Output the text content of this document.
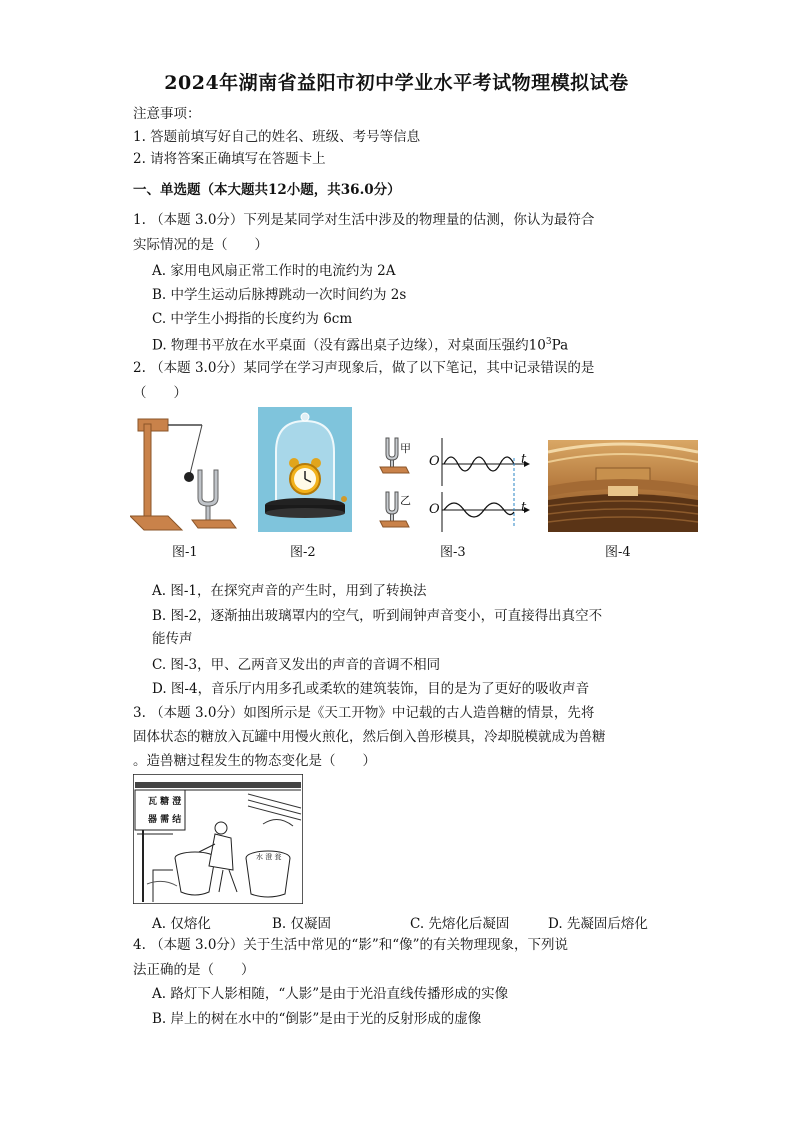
2024年湖南省益阳市初中学业水平考试物理模拟试卷
注意事项：
1. 答题前填写好自己的姓名、班级、考号等信息
2. 请将答案正确填写在答题卡上
一、单选题（本大题共12小题，共36.0分）
1. （本题 3.0分）下列是某同学对生活中涉及的物理量的估测，你认为最符合
实际情况的是（　　）
A. 家用电风扇正常工作时的电流约为 2A
B. 中学生运动后脉搏跳动一次时间约为 2s
C. 中学生小拇指的长度约为 6cm
D. 物理书平放在水平桌面（没有露出桌子边缘），对桌面压强约$10^3Pa$
2. （本题 3.0分）某同学在学习声现象后，做了以下笔记，其中记录错误的是
（　　）
甲
乙
O
O
t
t
图-1	图-2	图-3	图-4
A. 图-1，在探究声音的产生时，用到了转换法
B. 图-2，逐渐抽出玻璃罩内的空气，听到闹钟声音变小，可直接得出真空不
能传声
C. 图-3，甲、乙两音叉发出的声音的音调不相同
D. 图-4，音乐厅内用多孔或柔软的建筑装饰，目的是为了更好的吸收声音
3. （本题 3.0分）如图所示是《天工开物》中记载的古人造兽糖的情景，先将
固体状态的糖放入瓦罐中用慢火煎化，然后倒入兽形模具，冷却脱模就成为兽糖
。造兽糖过程发生的物态变化是（　　）
瓦 糖 澄
器 需 结
水 澄 瓮
A. 仅熔化	B. 仅凝固	C. 先熔化后凝固	D. 先凝固后熔化
4. （本题 3.0分）关于生活中常见的“影”和“像”的有关物理现象，下列说
法正确的是（　　）
A. 路灯下人影相随，“人影”是由于光沿直线传播形成的实像
B. 岸上的树在水中的“倒影”是由于光的反射形成的虚像
